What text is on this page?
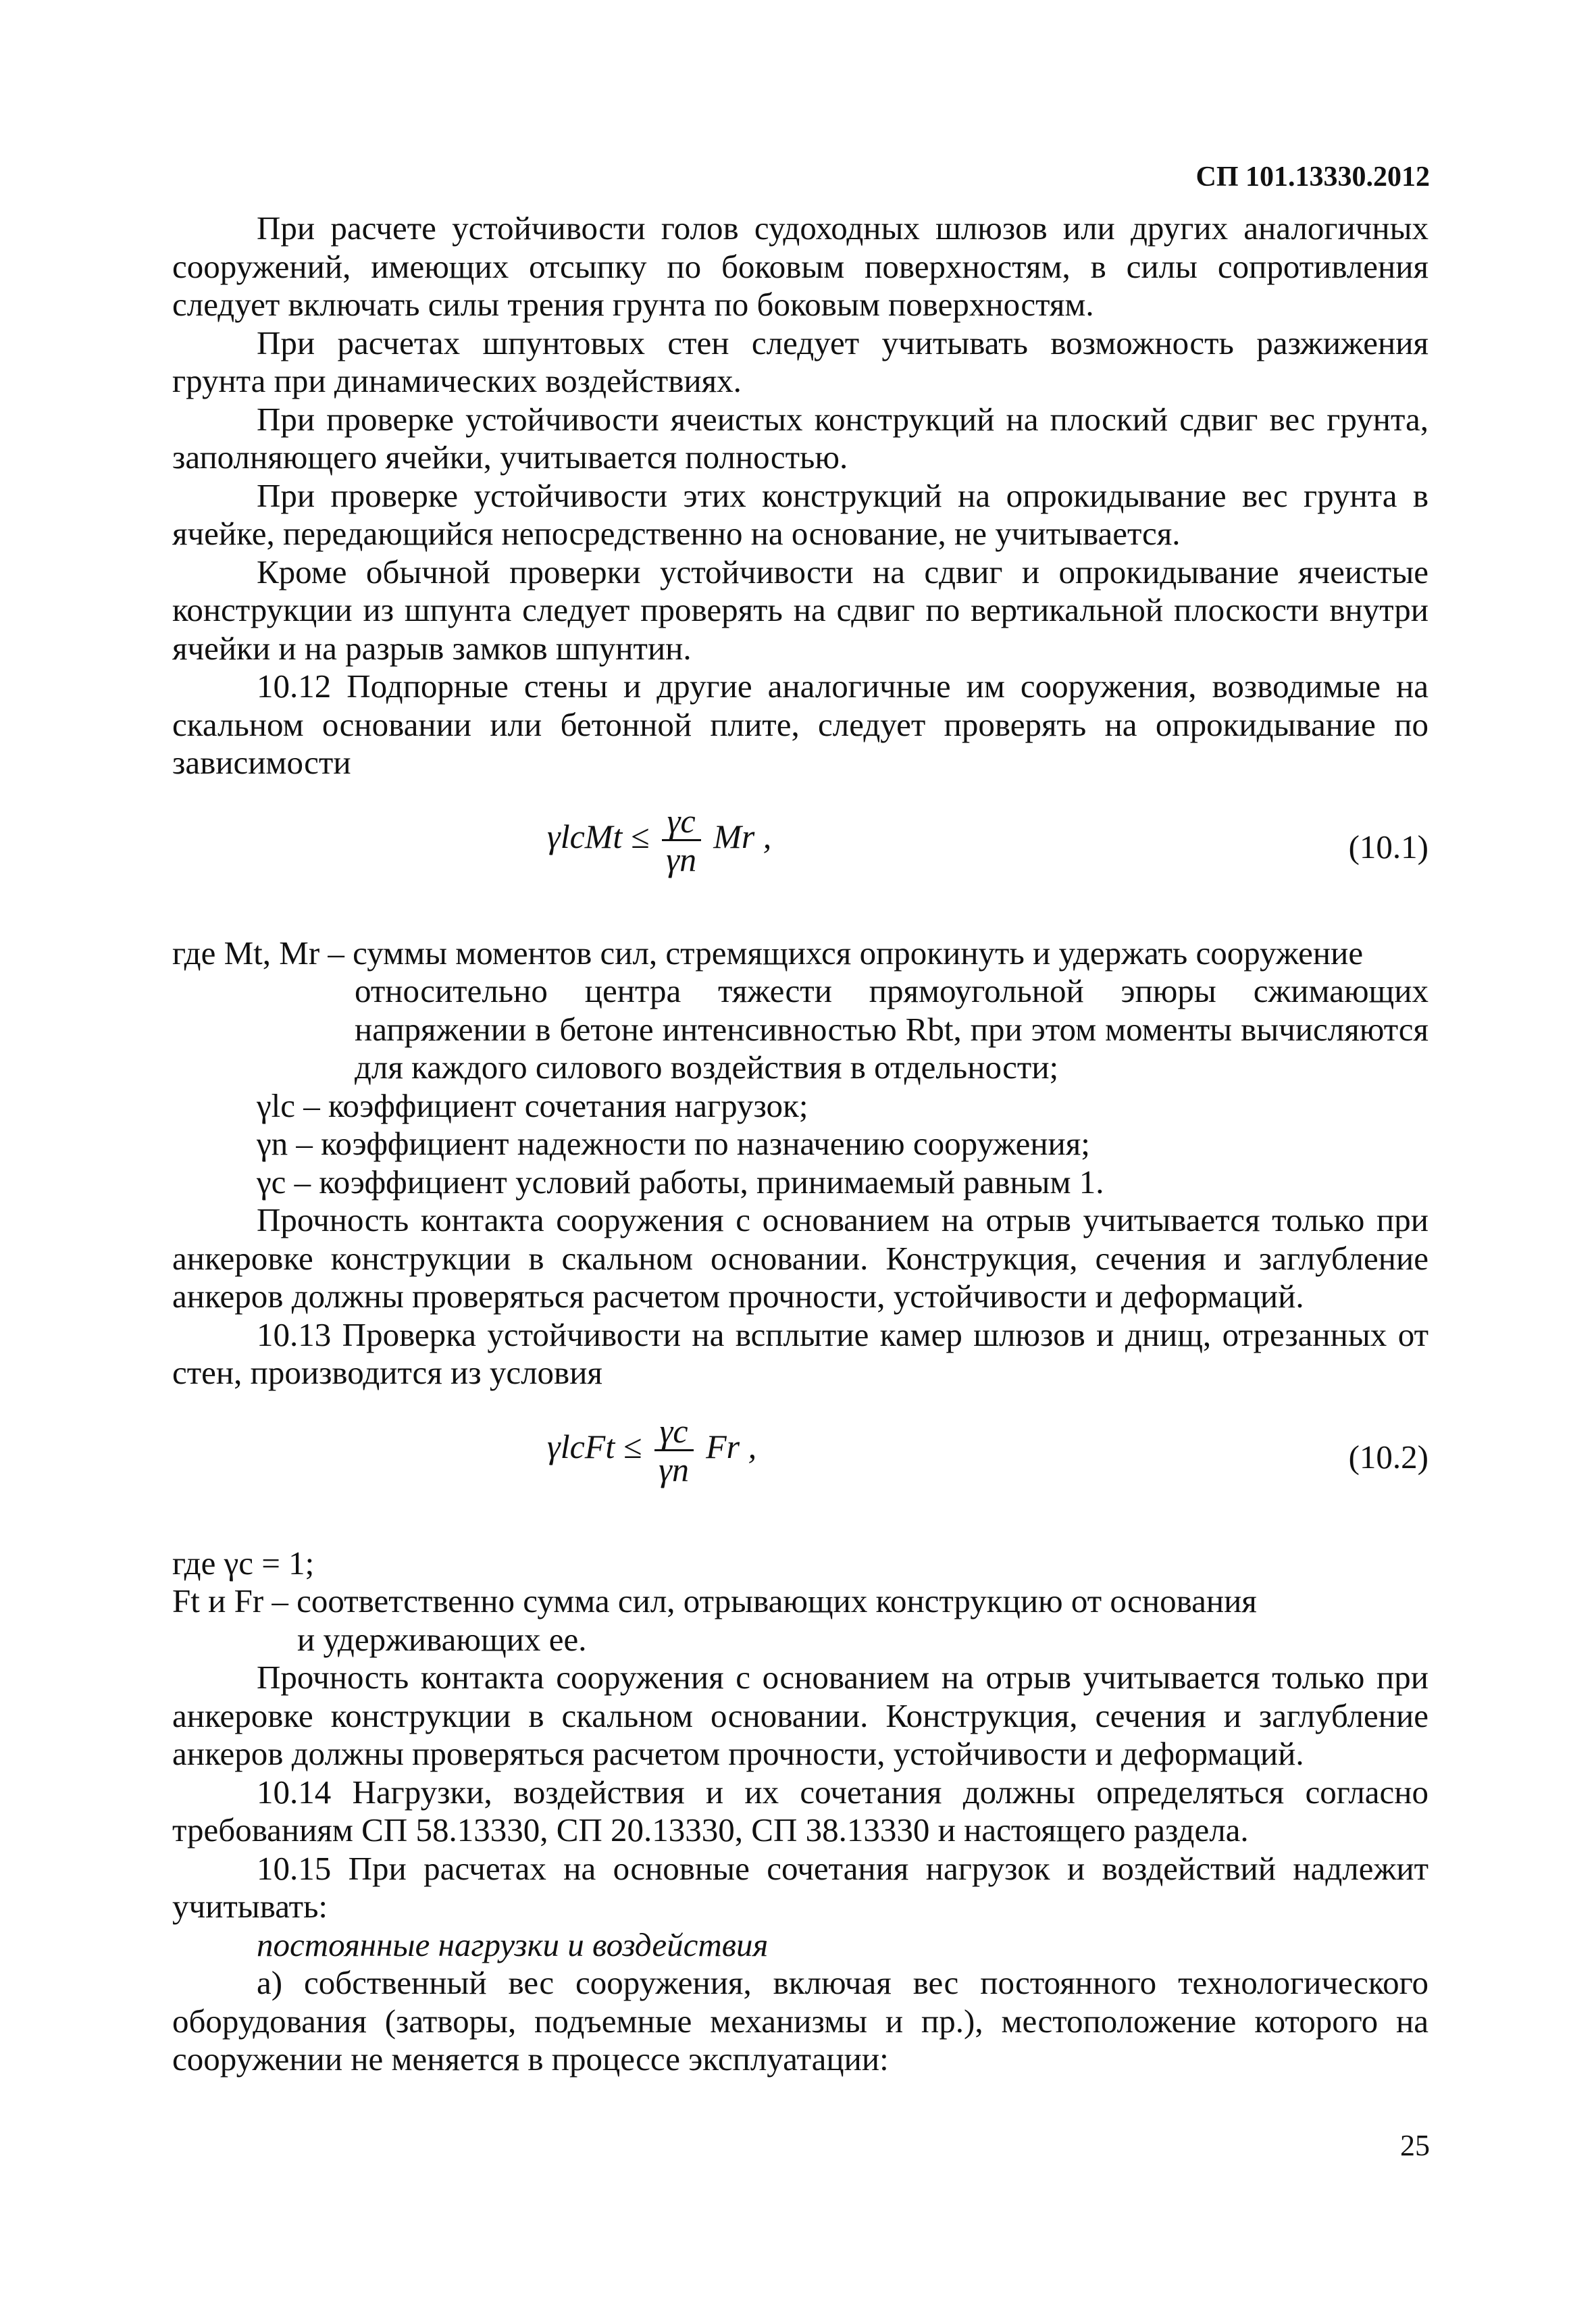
СП 101.13330.2012

При расчете устойчивости голов судоходных шлюзов или других аналогичных сооружений, имеющих отсыпку по боковым поверхностям, в силы сопротивления следует включать силы трения грунта по боковым поверхностям.

При расчетах шпунтовых стен следует учитывать возможность разжижения грунта при динамических воздействиях.

При проверке устойчивости ячеистых конструкций на плоский сдвиг вес грунта, заполняющего ячейки, учитывается полностью.

При проверке устойчивости этих конструкций на опрокидывание вес грунта в ячейке, передающийся непосредственно на основание, не учитывается.

Кроме обычной проверки устойчивости на сдвиг и опрокидывание ячеистые конструкции из шпунта следует проверять на сдвиг по вертикальной плоскости внутри ячейки и на разрыв замков шпунтин.

10.12 Подпорные стены и другие аналогичные им сооружения, возводимые на скальном основании или бетонной плите, следует проверять на опрокидывание по зависимости

γlcMt ≤ $\frac{\gamma c}{\gamma n}$ Mr ,	(10.1)
где Mt, Mr – суммы моментов сил, стремящихся опрокинуть и удержать сооружение
относительно центра тяжести прямоугольной эпюры сжимающих напряжении в бетоне интенсивностью Rbt, при этом моменты вычисляются для каждого силового воздействия в отдельности;
γlc – коэффициент сочетания нагрузок;
γn – коэффициент надежности по назначению сооружения;
γc – коэффициент условий работы, принимаемый равным 1.

Прочность контакта сооружения с основанием на отрыв учитывается только при анкеровке конструкции в скальном основании. Конструкция, сечения и заглубление анкеров должны проверяться расчетом прочности, устойчивости и деформаций.

10.13 Проверка устойчивости на всплытие камер шлюзов и днищ, отрезанных от стен, производится из условия

γlcFt ≤ $\frac{\gamma c}{\gamma n}$ Fr ,	(10.2)
где γc = 1;
Ft и Fr – соответственно сумма сил, отрывающих конструкцию от основания
и удерживающих ее.

Прочность контакта сооружения с основанием на отрыв учитывается только при анкеровке конструкции в скальном основании. Конструкция, сечения и заглубление анкеров должны проверяться расчетом прочности, устойчивости и деформаций.

10.14 Нагрузки, воздействия и их сочетания должны определяться согласно требованиям СП 58.13330, СП 20.13330, СП 38.13330 и настоящего раздела.

10.15 При расчетах на основные сочетания нагрузок и воздействий надлежит учитывать:

постоянные нагрузки и воздействия

а) собственный вес сооружения, включая вес постоянного технологического оборудования (затворы, подъемные механизмы и пр.), местоположение которого на сооружении не меняется в процессе эксплуатации:

25
